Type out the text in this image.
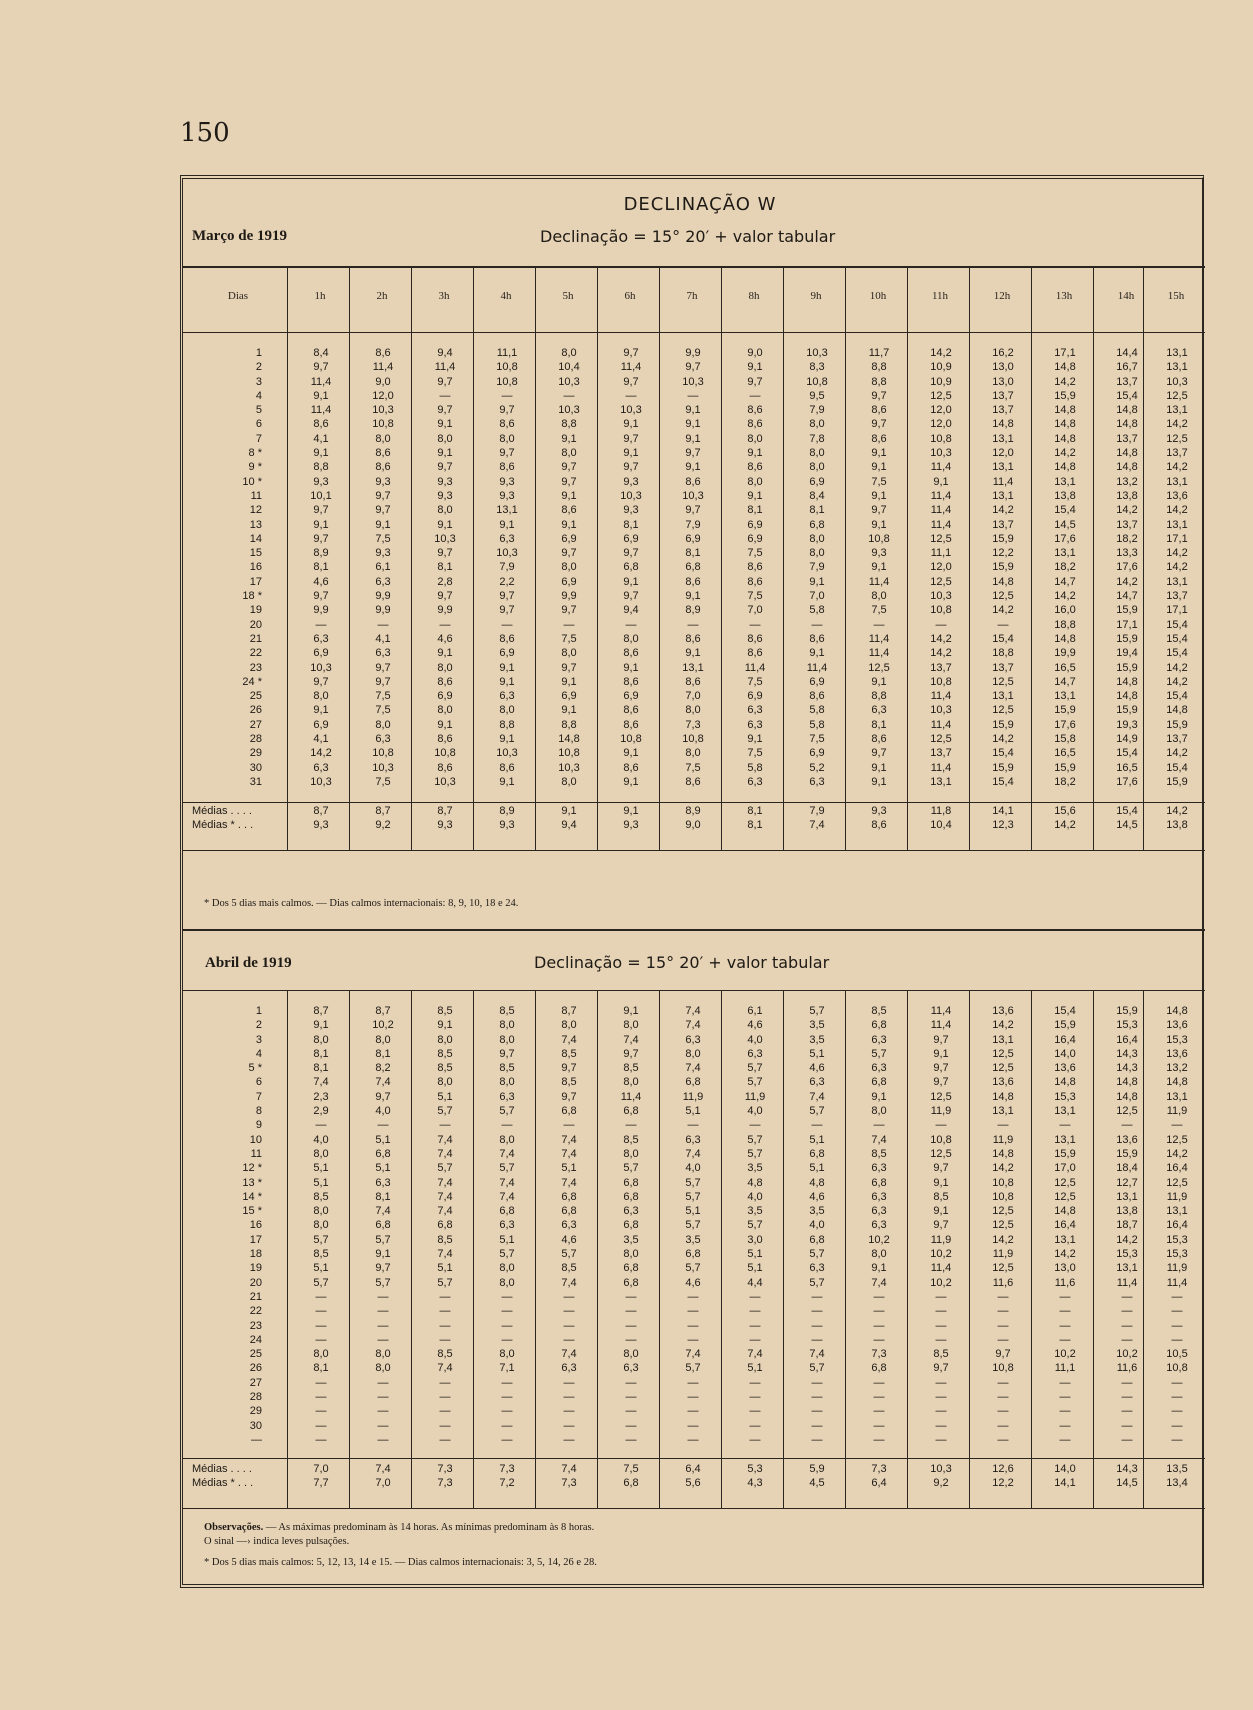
150
DECLINAÇÃO W
Março de 1919	Declinação = 15° 20′ + valor tabular
Dias	1h	2h	3h	4h	5h	6h	7h	8h	9h	10h	11h	12h	13h	14h	15h
1	8,4	8,6	9,4	11,1	8,0	9,7	9,9	9,0	10,3	11,7	14,2	16,2	17,1	14,4	13,1
2	9,7	11,4	11,4	10,8	10,4	11,4	9,7	9,1	8,3	8,8	10,9	13,0	14,8	16,7	13,1
3	11,4	9,0	9,7	10,8	10,3	9,7	10,3	9,7	10,8	8,8	10,9	13,0	14,2	13,7	10,3
4	9,1	12,0	—	—	—	—	—	—	9,5	9,7	12,5	13,7	15,9	15,4	12,5
5	11,4	10,3	9,7	9,7	10,3	10,3	9,1	8,6	7,9	8,6	12,0	13,7	14,8	14,8	13,1
6	8,6	10,8	9,1	8,6	8,8	9,1	9,1	8,6	8,0	9,7	12,0	14,8	14,8	14,8	14,2
7	4,1	8,0	8,0	8,0	9,1	9,7	9,1	8,0	7,8	8,6	10,8	13,1	14,8	13,7	12,5
8 *	9,1	8,6	9,1	9,7	8,0	9,1	9,7	9,1	8,0	9,1	10,3	12,0	14,2	14,8	13,7
9 *	8,8	8,6	9,7	8,6	9,7	9,7	9,1	8,6	8,0	9,1	11,4	13,1	14,8	14,8	14,2
10 *	9,3	9,3	9,3	9,3	9,7	9,3	8,6	8,0	6,9	7,5	9,1	11,4	13,1	13,2	13,1
11	10,1	9,7	9,3	9,3	9,1	10,3	10,3	9,1	8,4	9,1	11,4	13,1	13,8	13,8	13,6
12	9,7	9,7	8,0	13,1	8,6	9,3	9,7	8,1	8,1	9,7	11,4	14,2	15,4	14,2	14,2
13	9,1	9,1	9,1	9,1	9,1	8,1	7,9	6,9	6,8	9,1	11,4	13,7	14,5	13,7	13,1
14	9,7	7,5	10,3	6,3	6,9	6,9	6,9	6,9	8,0	10,8	12,5	15,9	17,6	18,2	17,1
15	8,9	9,3	9,7	10,3	9,7	9,7	8,1	7,5	8,0	9,3	11,1	12,2	13,1	13,3	14,2
16	8,1	6,1	8,1	7,9	8,0	6,8	6,8	8,6	7,9	9,1	12,0	15,9	18,2	17,6	14,2
17	4,6	6,3	2,8	2,2	6,9	9,1	8,6	8,6	9,1	11,4	12,5	14,8	14,7	14,2	13,1
18 *	9,7	9,9	9,7	9,7	9,9	9,7	9,1	7,5	7,0	8,0	10,3	12,5	14,2	14,7	13,7
19	9,9	9,9	9,9	9,7	9,7	9,4	8,9	7,0	5,8	7,5	10,8	14,2	16,0	15,9	17,1
20	—	—	—	—	—	—	—	—	—	—	—	—	18,8	17,1	15,4
21	6,3	4,1	4,6	8,6	7,5	8,0	8,6	8,6	8,6	11,4	14,2	15,4	14,8	15,9	15,4
22	6,9	6,3	9,1	6,9	8,0	8,6	9,1	8,6	9,1	11,4	14,2	18,8	19,9	19,4	15,4
23	10,3	9,7	8,0	9,1	9,7	9,1	13,1	11,4	11,4	12,5	13,7	13,7	16,5	15,9	14,2
24 *	9,7	9,7	8,6	9,1	9,1	8,6	8,6	7,5	6,9	9,1	10,8	12,5	14,7	14,8	14,2
25	8,0	7,5	6,9	6,3	6,9	6,9	7,0	6,9	8,6	8,8	11,4	13,1	13,1	14,8	15,4
26	9,1	7,5	8,0	8,0	9,1	8,6	8,0	6,3	5,8	6,3	10,3	12,5	15,9	15,9	14,8
27	6,9	8,0	9,1	8,8	8,8	8,6	7,3	6,3	5,8	8,1	11,4	15,9	17,6	19,3	15,9
28	4,1	6,3	8,6	9,1	14,8	10,8	10,8	9,1	7,5	8,6	12,5	14,2	15,8	14,9	13,7
29	14,2	10,8	10,8	10,3	10,8	9,1	8,0	7,5	6,9	9,7	13,7	15,4	16,5	15,4	14,2
30	6,3	10,3	8,6	8,6	10,3	8,6	7,5	5,8	5,2	9,1	11,4	15,9	15,9	16,5	15,4
31	10,3	7,5	10,3	9,1	8,0	9,1	8,6	6,3	6,3	9,1	13,1	15,4	18,2	17,6	15,9
Médias . . . .	8,7	8,7	8,7	8,9	9,1	9,1	8,9	8,1	7,9	9,3	11,8	14,1	15,6	15,4	14,2
Médias * . . .	9,3	9,2	9,3	9,3	9,4	9,3	9,0	8,1	7,4	8,6	10,4	12,3	14,2	14,5	13,8
* Dos 5 dias mais calmos. — Dias calmos internacionais: 8, 9, 10, 18 e 24.
Abril de 1919	Declinação = 15° 20′ + valor tabular
1	8,7	8,7	8,5	8,5	8,7	9,1	7,4	6,1	5,7	8,5	11,4	13,6	15,4	15,9	14,8
2	9,1	10,2	9,1	8,0	8,0	8,0	7,4	4,6	3,5	6,8	11,4	14,2	15,9	15,3	13,6
3	8,0	8,0	8,0	8,0	7,4	7,4	6,3	4,0	3,5	6,3	9,7	13,1	16,4	16,4	15,3
4	8,1	8,1	8,5	9,7	8,5	9,7	8,0	6,3	5,1	5,7	9,1	12,5	14,0	14,3	13,6
5 *	8,1	8,2	8,5	8,5	9,7	8,5	7,4	5,7	4,6	6,3	9,7	12,5	13,6	14,3	13,2
6	7,4	7,4	8,0	8,0	8,5	8,0	6,8	5,7	6,3	6,8	9,7	13,6	14,8	14,8	14,8
7	2,3	9,7	5,1	6,3	9,7	11,4	11,9	11,9	7,4	9,1	12,5	14,8	15,3	14,8	13,1
8	2,9	4,0	5,7	5,7	6,8	6,8	5,1	4,0	5,7	8,0	11,9	13,1	13,1	12,5	11,9
9	—	—	—	—	—	—	—	—	—	—	—	—	—	—	—
10	4,0	5,1	7,4	8,0	7,4	8,5	6,3	5,7	5,1	7,4	10,8	11,9	13,1	13,6	12,5
11	8,0	6,8	7,4	7,4	7,4	8,0	7,4	5,7	6,8	8,5	12,5	14,8	15,9	15,9	14,2
12 *	5,1	5,1	5,7	5,7	5,1	5,7	4,0	3,5	5,1	6,3	9,7	14,2	17,0	18,4	16,4
13 *	5,1	6,3	7,4	7,4	7,4	6,8	5,7	4,8	4,8	6,8	9,1	10,8	12,5	12,7	12,5
14 *	8,5	8,1	7,4	7,4	6,8	6,8	5,7	4,0	4,6	6,3	8,5	10,8	12,5	13,1	11,9
15 *	8,0	7,4	7,4	6,8	6,8	6,3	5,1	3,5	3,5	6,3	9,1	12,5	14,8	13,8	13,1
16	8,0	6,8	6,8	6,3	6,3	6,8	5,7	5,7	4,0	6,3	9,7	12,5	16,4	18,7	16,4
17	5,7	5,7	8,5	5,1	4,6	3,5	3,5	3,0	6,8	10,2	11,9	14,2	13,1	14,2	15,3
18	8,5	9,1	7,4	5,7	5,7	8,0	6,8	5,1	5,7	8,0	10,2	11,9	14,2	15,3	15,3
19	5,1	9,7	5,1	8,0	8,5	6,8	5,7	5,1	6,3	9,1	11,4	12,5	13,0	13,1	11,9
20	5,7	5,7	5,7	8,0	7,4	6,8	4,6	4,4	5,7	7,4	10,2	11,6	11,6	11,4	11,4
21	—	—	—	—	—	—	—	—	—	—	—	—	—	—	—
22	—	—	—	—	—	—	—	—	—	—	—	—	—	—	—
23	—	—	—	—	—	—	—	—	—	—	—	—	—	—	—
24	—	—	—	—	—	—	—	—	—	—	—	—	—	—	—
25	8,0	8,0	8,5	8,0	7,4	8,0	7,4	7,4	7,4	7,3	8,5	9,7	10,2	10,2	10,5
26	8,1	8,0	7,4	7,1	6,3	6,3	5,7	5,1	5,7	6,8	9,7	10,8	11,1	11,6	10,8
27	—	—	—	—	—	—	—	—	—	—	—	—	—	—	—
28	—	—	—	—	—	—	—	—	—	—	—	—	—	—	—
29	—	—	—	—	—	—	—	—	—	—	—	—	—	—	—
30	—	—	—	—	—	—	—	—	—	—	—	—	—	—	—
—	—	—	—	—	—	—	—	—	—	—	—	—	—	—	—
Médias . . . .	7,0	7,4	7,3	7,3	7,4	7,5	6,4	5,3	5,9	7,3	10,3	12,6	14,0	14,3	13,5
Médias * . . .	7,7	7,0	7,3	7,2	7,3	6,8	5,6	4,3	4,5	6,4	9,2	12,2	14,1	14,5	13,4
Observações. — As máximas predominam às 14 horas. As mínimas predominam às 8 horas.
O sinal —› indica leves pulsações.
* Dos 5 dias mais calmos: 5, 12, 13, 14 e 15. — Dias calmos internacionais: 3, 5, 14, 26 e 28.
